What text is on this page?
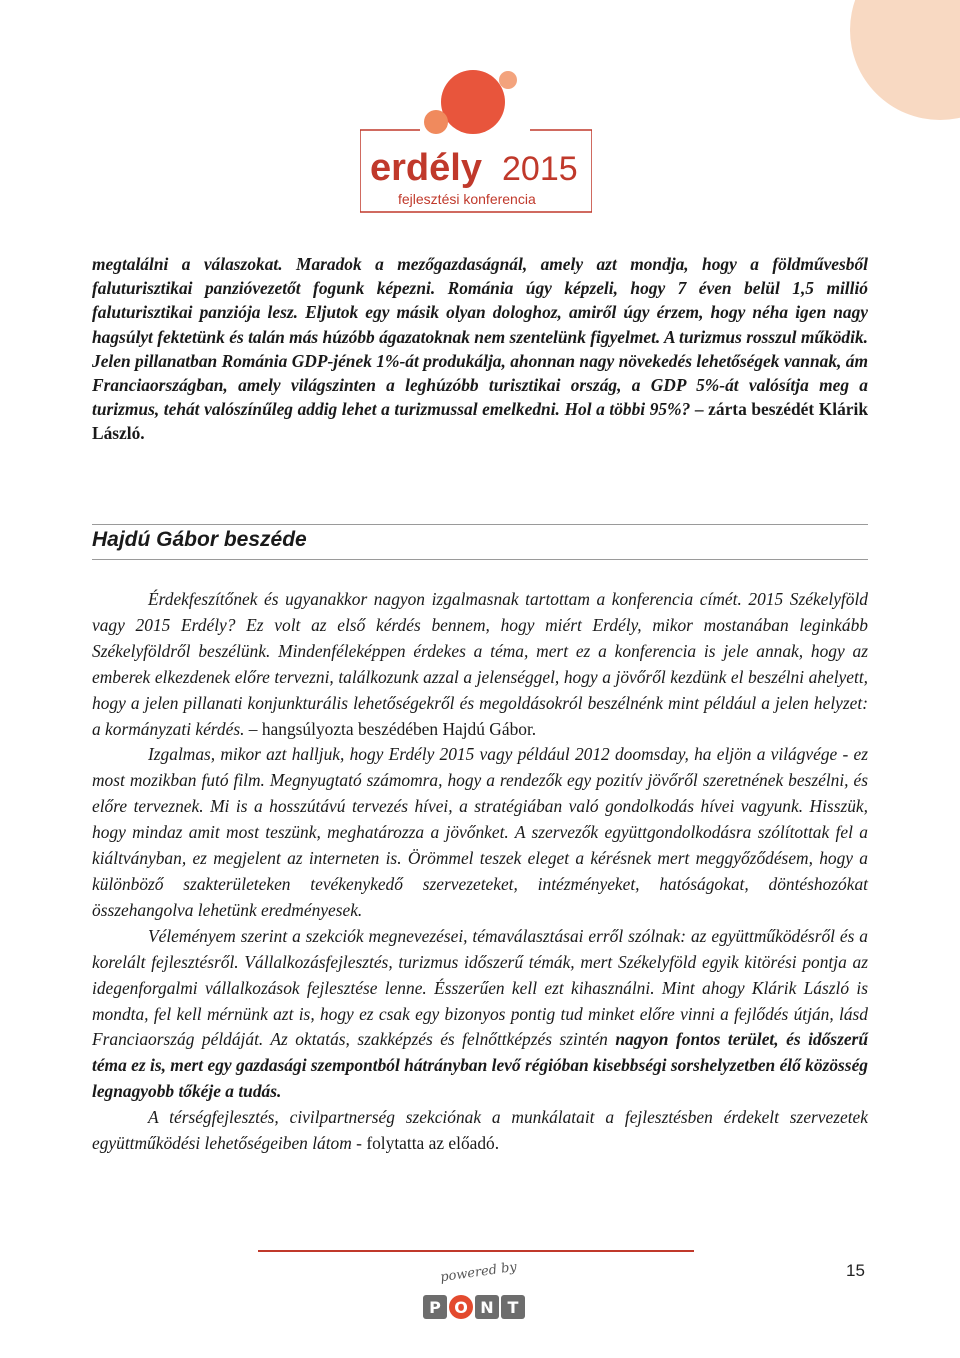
erdély 2015
fejlesztési konferencia

megtalálni a válaszokat. Maradok a mezőgazdaságnál, amely azt mondja, hogy a földművesből faluturisztikai panzióvezetőt fogunk képezni. Románia úgy képzeli, hogy 7 éven belül 1,5 millió faluturisztikai panziója lesz. Eljutok egy másik olyan dologhoz, amiről úgy érzem, hogy néha igen nagy hagsúlyt fektetünk és talán más húzóbb ágazatoknak nem szentelünk figyelmet. A turizmus rosszul működik. Jelen pillanatban Románia GDP-jének 1%-át produkálja, ahonnan nagy növekedés lehetőségek vannak, ám Franciaországban, amely világszinten a leghúzóbb turisztikai ország, a GDP 5%-át valósítja meg a turizmus, tehát valószínűleg addig lehet a turizmussal emelkedni. Hol a többi 95%? – zárta beszédét Klárik László.

Hajdú Gábor beszéde

Érdekfeszítőnek és ugyanakkor nagyon izgalmasnak tartottam a konferencia címét. 2015 Székelyföld vagy 2015 Erdély? Ez volt az első kérdés bennem, hogy miért Erdély, mikor mostanában leginkább Székelyföldről beszélünk. Mindenféleképpen érdekes a téma, mert ez a konferencia is jele annak, hogy az emberek elkezdenek előre tervezni, találkozunk azzal a jelenséggel, hogy a jövőről kezdünk el beszélni ahelyett, hogy a jelen pillanati konjunkturális lehetőségekről és megoldásokról beszélnénk mint például a jelen helyzet: a kormányzati kérdés. – hangsúlyozta beszédében Hajdú Gábor.

Izgalmas, mikor azt halljuk, hogy Erdély 2015 vagy például 2012 doomsday, ha eljön a világvége - ez most mozikban futó film. Megnyugtató számomra, hogy a rendezők egy pozitív jövőről szeretnének beszélni, és előre terveznek. Mi is a hosszútávú tervezés hívei, a stratégiában való gondolkodás hívei vagyunk. Hisszük, hogy mindaz amit most teszünk, meghatározza a jövőnket. A szervezők együttgondolkodásra szólítottak fel a kiáltványban, ez megjelent az interneten is. Örömmel teszek eleget a kérésnek mert meggyőződésem, hogy a különböző szakterületeken tevékenykedő szervezeteket, intézményeket, hatóságokat, döntéshozókat összehangolva lehetünk eredményesek.

Véleményem szerint a szekciók megnevezései, témaválasztásai erről szólnak: az együttműködésről és a korelált fejlesztésről. Vállalkozásfejlesztés, turizmus időszerű témák, mert Székelyföld egyik kitörési pontja az idegenforgalmi vállalkozások fejlesztése lenne. Ésszerűen kell ezt kihasználni. Mint ahogy Klárik László is mondta, fel kell mérnünk azt is, hogy ez csak egy bizonyos pontig tud minket előre vinni a fejlődés útján, lásd Franciaország példáját. Az oktatás, szakképzés és felnőttképzés szintén nagyon fontos terület, és időszerű téma ez is, mert egy gazdasági szempontból hátrányban levő régióban kisebbségi sorshelyzetben élő közösség legnagyobb tőkéje a tudás.

A térségfejlesztés, civilpartnerség szekciónak a munkálatait a fejlesztésben érdekelt szervezetek együttműködési lehetőségeiben látom - folytatta az előadó.

powered by
P O N T
15
